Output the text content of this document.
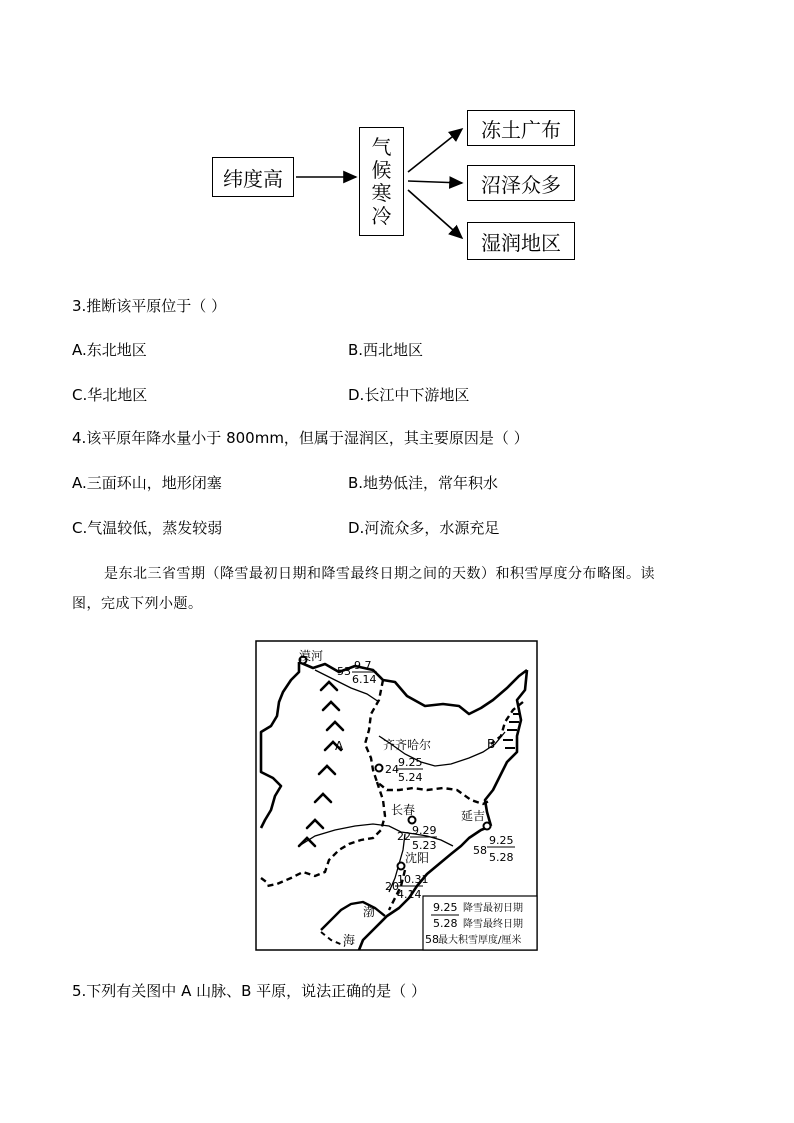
纬度高
气
候
寒
冷
冻土广布
沼泽众多
湿润地区
3.推断该平原位于（ ）
A.东北地区	B.西北地区
C.华北地区	D.长江中下游地区
4.该平原年降水量小于 800mm，但属于湿润区，其主要原因是（ ）
A.三面环山，地形闭塞	B.地势低洼，常年积水
C.气温较低，蒸发较弱	D.河流众多，水源充足
是东北三省雪期（降雪最初日期和降雪最终日期之间的天数）和积雪厚度分布略图。读
图，完成下列小题。
漠河
齐齐哈尔
长春	延吉
沈阳
渤
海
A	B
53 9.7
6.14
24
9.25
5.24
22 9.29
5.23	58
9.25
5.28
20
10.31
4.14
9.25 降雪最初日期
5.28 降雪最终日期
58 最大积雪厚度/厘米
5.下列有关图中 A 山脉、B 平原，说法正确的是（ ）
